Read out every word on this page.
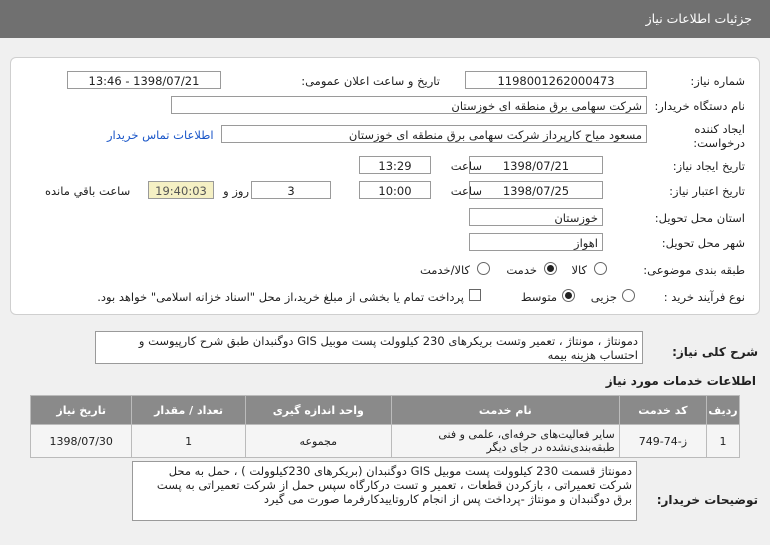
جزئیات اطلاعات نیاز
شماره نیاز:
1198001262000473
تاریخ و ساعت اعلان عمومی:
1398/07/21 - 13:46
نام دستگاه خریدار:
شرکت سهامی برق منطقه ای خوزستان
ایجاد کننده
درخواست:
مسعود میاح کارپرداز شرکت سهامی برق منطقه ای خوزستان
اطلاعات تماس خریدار
تاریخ ایجاد نیاز:
1398/07/21
ساعت
13:29
تاریخ اعتبار نیاز:
1398/07/25
ساعت
10:00
3
روز و
19:40:03
ساعت باقي مانده
استان محل تحویل:
خوزستان
شهر محل تحویل:
اهواز
طبقه بندی موضوعی:
کالا
خدمت
کالا/خدمت
نوع فرآیند خرید :
جزیی
متوسط
پرداخت تمام یا بخشی از مبلغ خرید،از محل "اسناد خزانه اسلامی" خواهد بود.
شرح کلی نیاز:
دمونتاژ ، مونتاژ ، تعمیر وتست بریکرهای 230 کیلوولت پست موبیل GIS دوگنبدان طبق شرح کارپیوست و احتساب هزینه بیمه
اطلاعات خدمات مورد نیاز
ردیف	کد خدمت	نام خدمت	واحد اندازه گیری	تعداد / مقدار	تاریخ نیاز
1	ز-74-749	سایر فعالیت‌های حرفه‌ای، علمی و فنی طبقه‌بندی‌نشده در جای دیگر	مجموعه	1	1398/07/30
توضیحات خریدار:
دمونتاژ قسمت 230 کیلوولت پست موبیل GIS دوگنبدان (بریکرهای 230کیلوولت ) ، حمل به محل شرکت تعمیراتی ، بازکردن قطعات ، تعمیر و تست درکارگاه سپس حمل از شرکت تعمیراتی به پست برق دوگنبدان و مونتاژ -پرداخت پس از انجام کاروتاییدکارفرما صورت می گیرد
